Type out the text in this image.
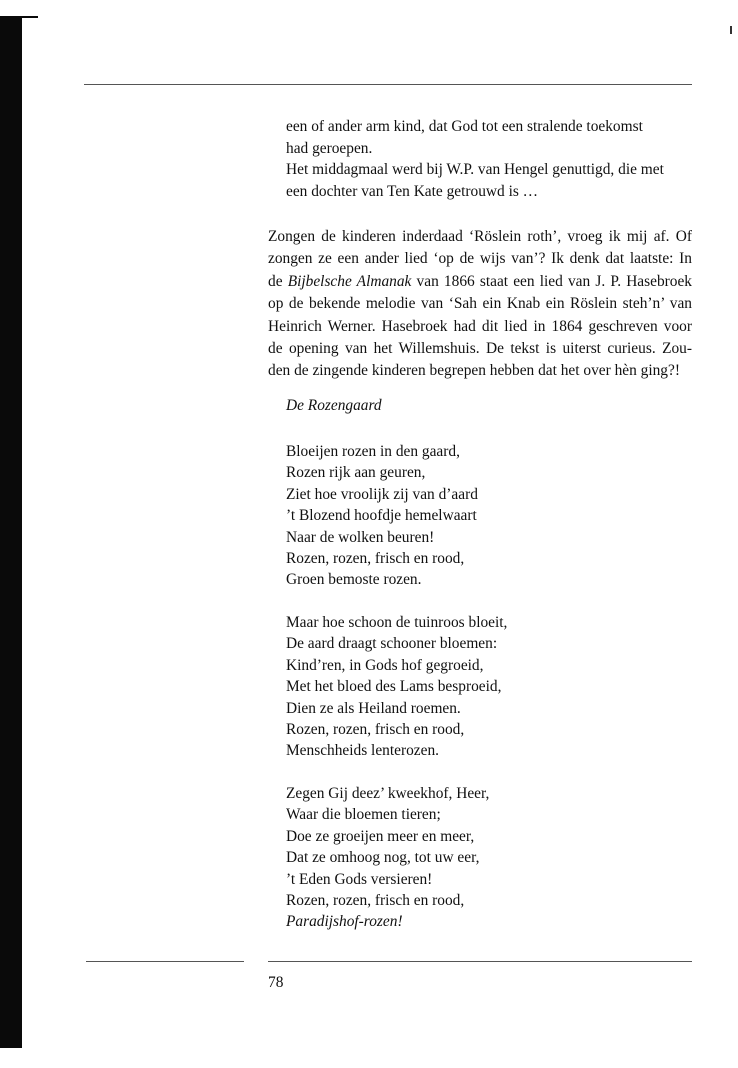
een of ander arm kind, dat God tot een stralende toekomst

had geroepen.

Het middagmaal werd bij W.P. van Hengel genuttigd, die met

een dochter van Ten Kate getrouwd is …

Zongen de kinderen inderdaad ‘Röslein roth’, vroeg ik mij af. Of
zongen ze een ander lied ‘op de wijs van’? Ik denk dat laatste: In
de Bijbelsche Almanak van 1866 staat een lied van J. P. Hasebroek
op de bekende melodie van ‘Sah ein Knab ein Röslein steh’n’ van
Heinrich Werner. Hasebroek had dit lied in 1864 geschreven voor
de opening van het Willemshuis. De tekst is uiterst curieus. Zou-
den de zingende kinderen begrepen hebben dat het over hèn ging?!
De Rozengaard
Bloeijen rozen in den gaard,
Rozen rijk aan geuren,
Ziet hoe vroolijk zij van d’aard
’t Blozend hoofdje hemelwaart
Naar de wolken beuren!
Rozen, rozen, frisch en rood,
Groen bemoste rozen.
Maar hoe schoon de tuinroos bloeit,
De aard draagt schooner bloemen:
Kind’ren, in Gods hof gegroeid,
Met het bloed des Lams besproeid,
Dien ze als Heiland roemen.
Rozen, rozen, frisch en rood,
Menschheids lenterozen.
Zegen Gij deez’ kweekhof, Heer,
Waar die bloemen tieren;
Doe ze groeijen meer en meer,
Dat ze omhoog nog, tot uw eer,
’t Eden Gods versieren!
Rozen, rozen, frisch en rood,
Paradijshof-rozen!
78
